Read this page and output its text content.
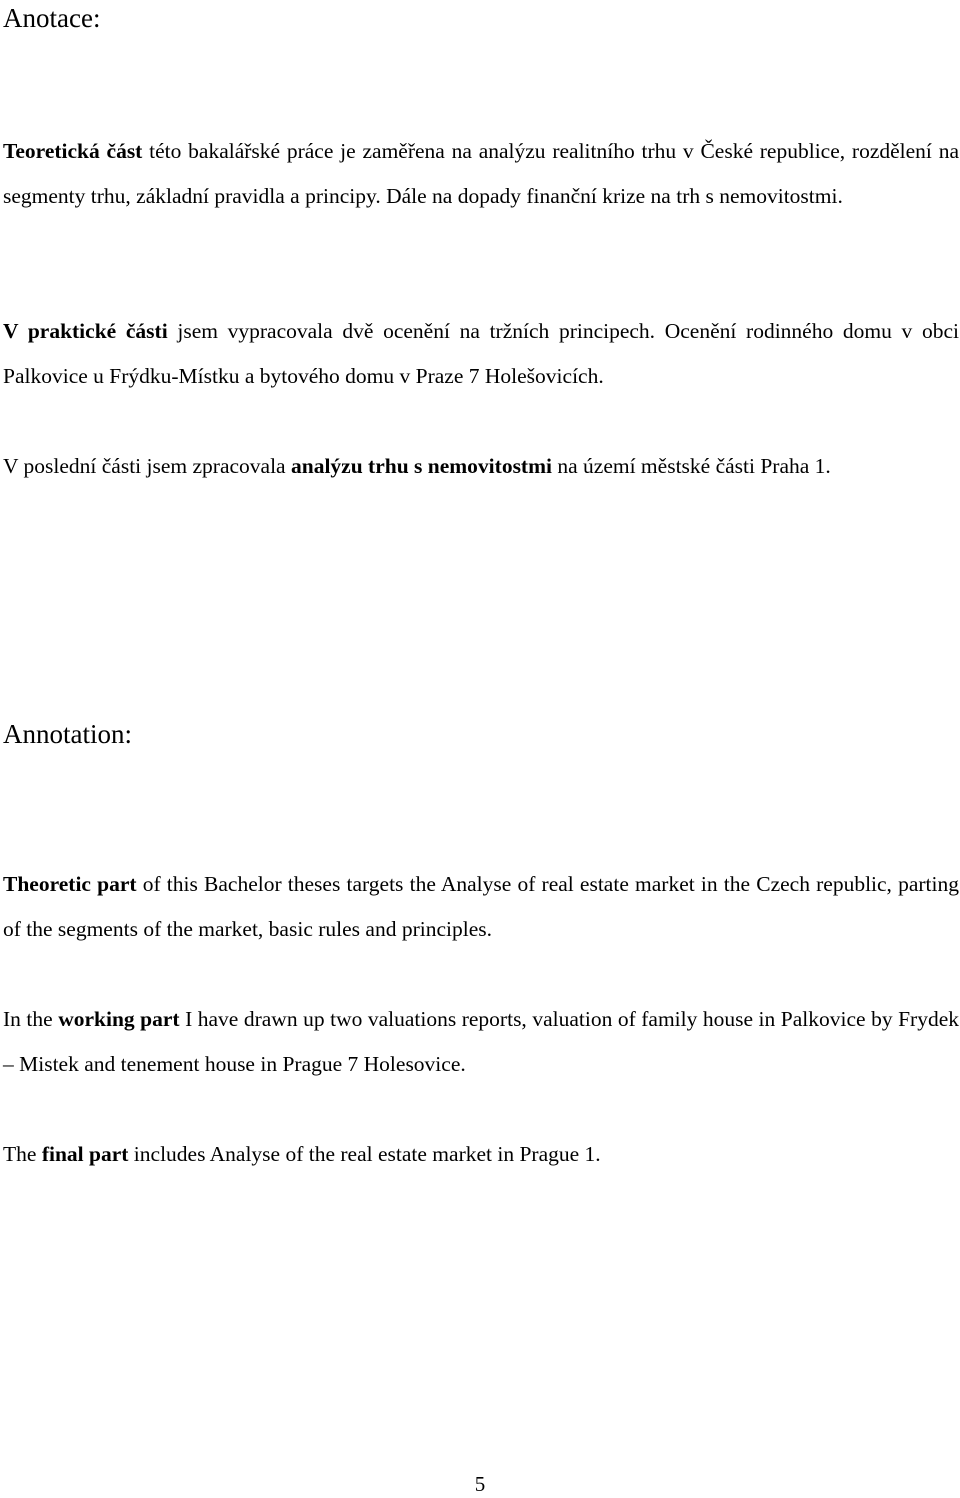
Anotace:

Teoretická část této bakalářské práce je zaměřena na analýzu realitního trhu v České republice, rozdělení na segmenty trhu, základní pravidla a principy. Dále na dopady finanční krize na trh s nemovitostmi.

V praktické části jsem vypracovala dvě ocenění na tržních principech. Ocenění rodinného domu v obci Palkovice u Frýdku-Místku a bytového domu v Praze 7 Holešovicích.

V poslední části jsem zpracovala analýzu trhu s nemovitostmi na území městské části Praha 1.

Annotation:

Theoretic part of this Bachelor theses targets the Analyse of real estate market in the Czech republic, parting of the segments of the market, basic rules and principles.

In the working part I have drawn up two valuations reports, valuation of family house in Palkovice by Frydek – Mistek and tenement house in Prague 7 Holesovice.

The final part includes Analyse of the real estate market in Prague 1.

5
